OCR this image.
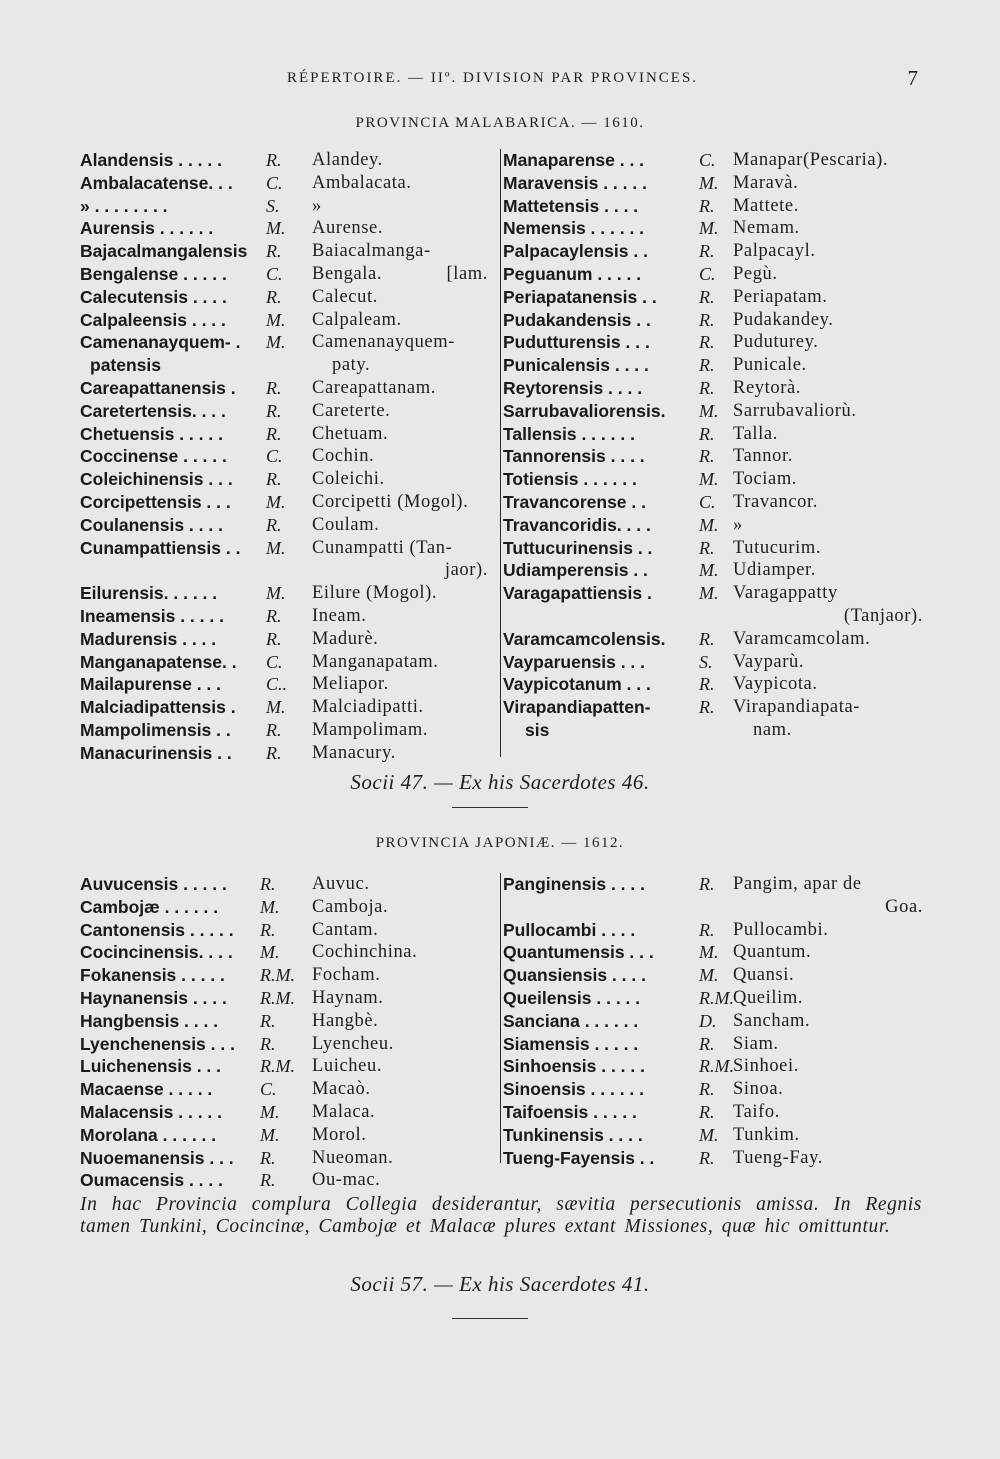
RÉPERTOIRE. — IIº. DIVISION PAR PROVINCES.	7
PROVINCIA MALABARICA. — 1610.
Alandensis . . . . . R. Alandey.
Ambalacatense. . . C. Ambalacata.
» . . . . . . . .	S. »
Aurensis . . . . . .	M. Aurense.
Bajacalmangalensis R. Baiacalmanga-
Bengalense . . . . . C. Bengala.	[lam.
Calecutensis . . . . R. Calecut.
Calpaleensis . . . . M. Calpaleam.
Camenanayquem- . M. Camenanayquem-
patensis	paty.
Careapattanensis . R. Careapattanam.
Caretertensis. . . . R. Careterte.
Chetuensis . . . . . R. Chetuam.
Coccinense . . . . . C. Cochin.
Coleichinensis . . . R. Coleichi.
Corcipettensis . . . M. Corcipetti (Mogol).
Coulanensis . . . . R. Coulam.
Cunampattiensis . . M. Cunampatti (Tan-
jaor).
Eilurensis. . . . . .	M. Eilure (Mogol).
Ineamensis . . . . . R. Ineam.
Madurensis . . . .	R. Madurè.
Manganapatense. . C. Manganapatam.
Mailapurense . . . C.. Meliapor.
Malciadipattensis . M. Malciadipatti.
Mampolimensis . . R. Mampolimam.
Manacurinensis . . R. Manacury.
Manaparense . . .	C. Manapar(Pescaria).
Maravensis . . . . .	M. Maravà.
Mattetensis . . . .	R. Mattete.
Nemensis . . . . . .	M. Nemam.
Palpacaylensis . .	R. Palpacayl.
Peguanum . . . . .	C. Pegù.
Periapatanensis . . R. Periapatam.
Pudakandensis . .	R. Pudakandey.
Pudutturensis . . .	R. Puduturey.
Punicalensis . . . .	R. Punicale.
Reytorensis . . . .	R. Reytorà.
Sarrubavaliorensis. M. Sarrubavaliorù.
Tallensis . . . . . .	R. Talla.
Tannorensis . . . .	R. Tannor.
Totiensis . . . . . .	M. Tociam.
Travancorense . .	C. Travancor.
Travancoridis. . . .	M. »
Tuttucurinensis . .	R. Tutucurim.
Udiamperensis . .	M. Udiamper.
Varagapattiensis .	M. Varagappatty
(Tanjaor).
Varamcamcolensis. R. Varamcamcolam.
Vayparuensis . . .	S. Vayparù.
Vaypicotanum . . .	R. Vaypicota.
Virapandiapatten-	R. Virapandiapata-
sis	nam.
Socii 47. — Ex his Sacerdotes 46.
PROVINCIA JAPONIÆ. — 1612.
Auvucensis . . . . . R. Auvuc.
Cambojæ . . . . . . M. Camboja.
Cantonensis . . . . . R. Cantam.
Cocincinensis. . . . M. Cochinchina.
Fokanensis . . . . . R.M. Focham.
Haynanensis . . . . R.M. Haynam.
Hangbensis . . . . R. Hangbè.
Lyenchenensis . . . R. Lyencheu.
Luichenensis . . . R.M. Luicheu.
Macaense . . . . .	C. Macaò.
Malacensis . . . . . M. Malaca.
Morolana . . . . . . M. Morol.
Nuoemanensis . . . R. Nueoman.
Oumacensis . . . . R. Ou-mac.
Panginensis . . . .	R. Pangim, apar de
Goa.
Pullocambi . . . .	R. Pullocambi.
Quantumensis . . .	M. Quantum.
Quansiensis . . . .	M. Quansi.
Queilensis . . . . .	R.M. Queilim.
Sanciana . . . . . .	D. Sancham.
Siamensis . . . . .	R. Siam.
Sinhoensis . . . . .	R.M. Sinhoei.
Sinoensis . . . . . .	R. Sinoa.
Taifoensis . . . . .	R. Taifo.
Tunkinensis . . . .	M. Tunkim.
Tueng-Fayensis . . R. Tueng-Fay.
In hac Provincia complura Collegia desiderantur, sævitia persecutionis amissa. In Regnis tamen Tunkini, Cocincinæ, Cambojæ et Malacæ plures extant Missiones, quæ hic omittuntur.
Socii 57. — Ex his Sacerdotes 41.
